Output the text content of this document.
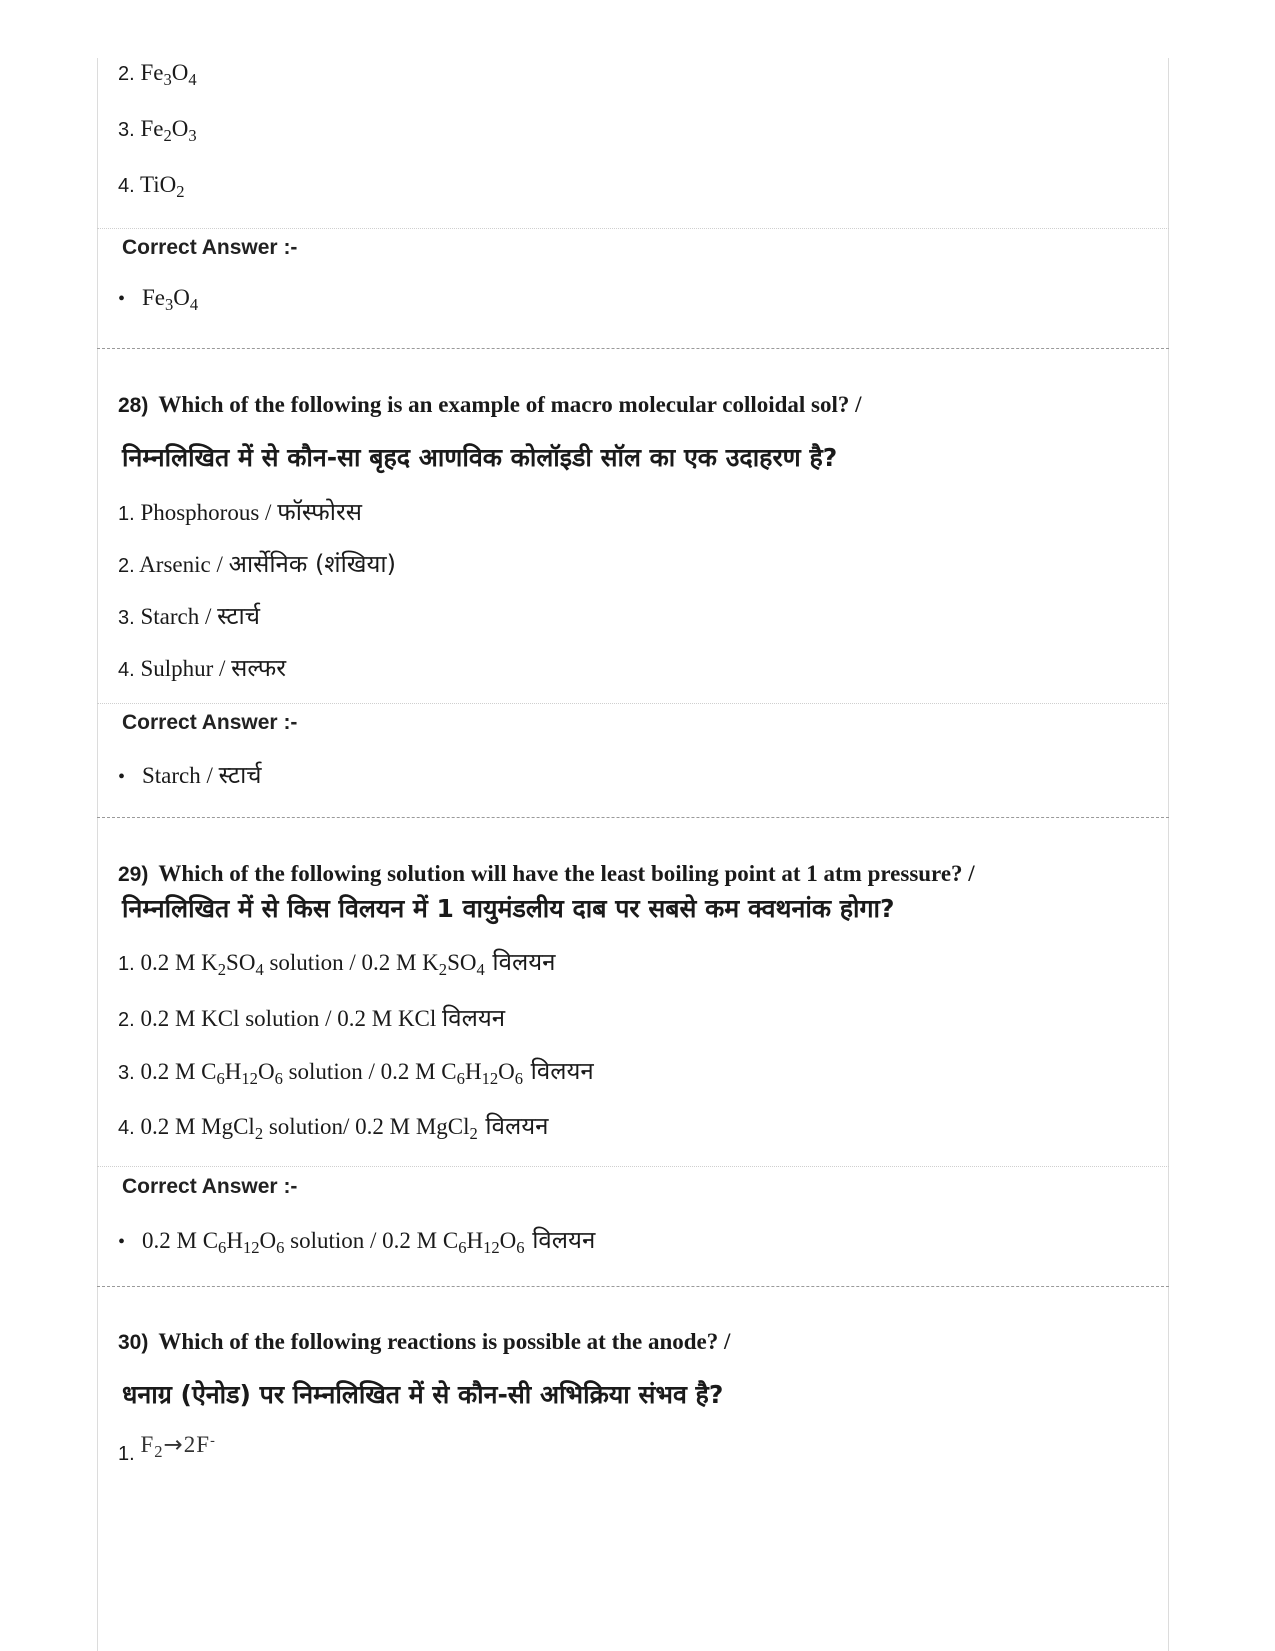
2. $Fe_3O_4$
3. $Fe_2O_3$
4. TiO$_2$
Correct Answer :-
• $Fe_3O_4$
28) Which of the following is an example of macro molecular colloidal sol? /
निम्नलिखित में से कौन-सा बृहद आणविक कोलॉइडी सॉल का एक उदाहरण है?
1. Phosphorous / फॉस्फोरस
2. Arsenic / आर्सेनिक (शंखिया)
3. Starch / स्टार्च
4. Sulphur / सल्फर
Correct Answer :-
• Starch / स्टार्च
29) Which of the following solution will have the least boiling point at 1 atm pressure? /
निम्नलिखित में से किस विलयन में 1 वायुमंडलीय दाब पर सबसे कम क्वथनांक होगा?
1. 0.2 M $K_2SO_4$ solution / 0.2 M $K_2SO_4$ विलयन
2. 0.2 M KCl solution / 0.2 M KCl विलयन
3. 0.2 M $C_6H_{12}O_6$ solution / 0.2 M $C_6H_{12}O_6$ विलयन
4. 0.2 M MgCl$_2$ solution/ 0.2 M MgCl$_2$ विलयन
Correct Answer :-
• 0.2 M $C_6H_{12}O_6$ solution / 0.2 M $C_6H_{12}O_6$ विलयन
30) Which of the following reactions is possible at the anode? /
धनाग्र (ऐनोड) पर निम्नलिखित में से कौन-सी अभिक्रिया संभव है?
1. $F_2\to 2F^-$
